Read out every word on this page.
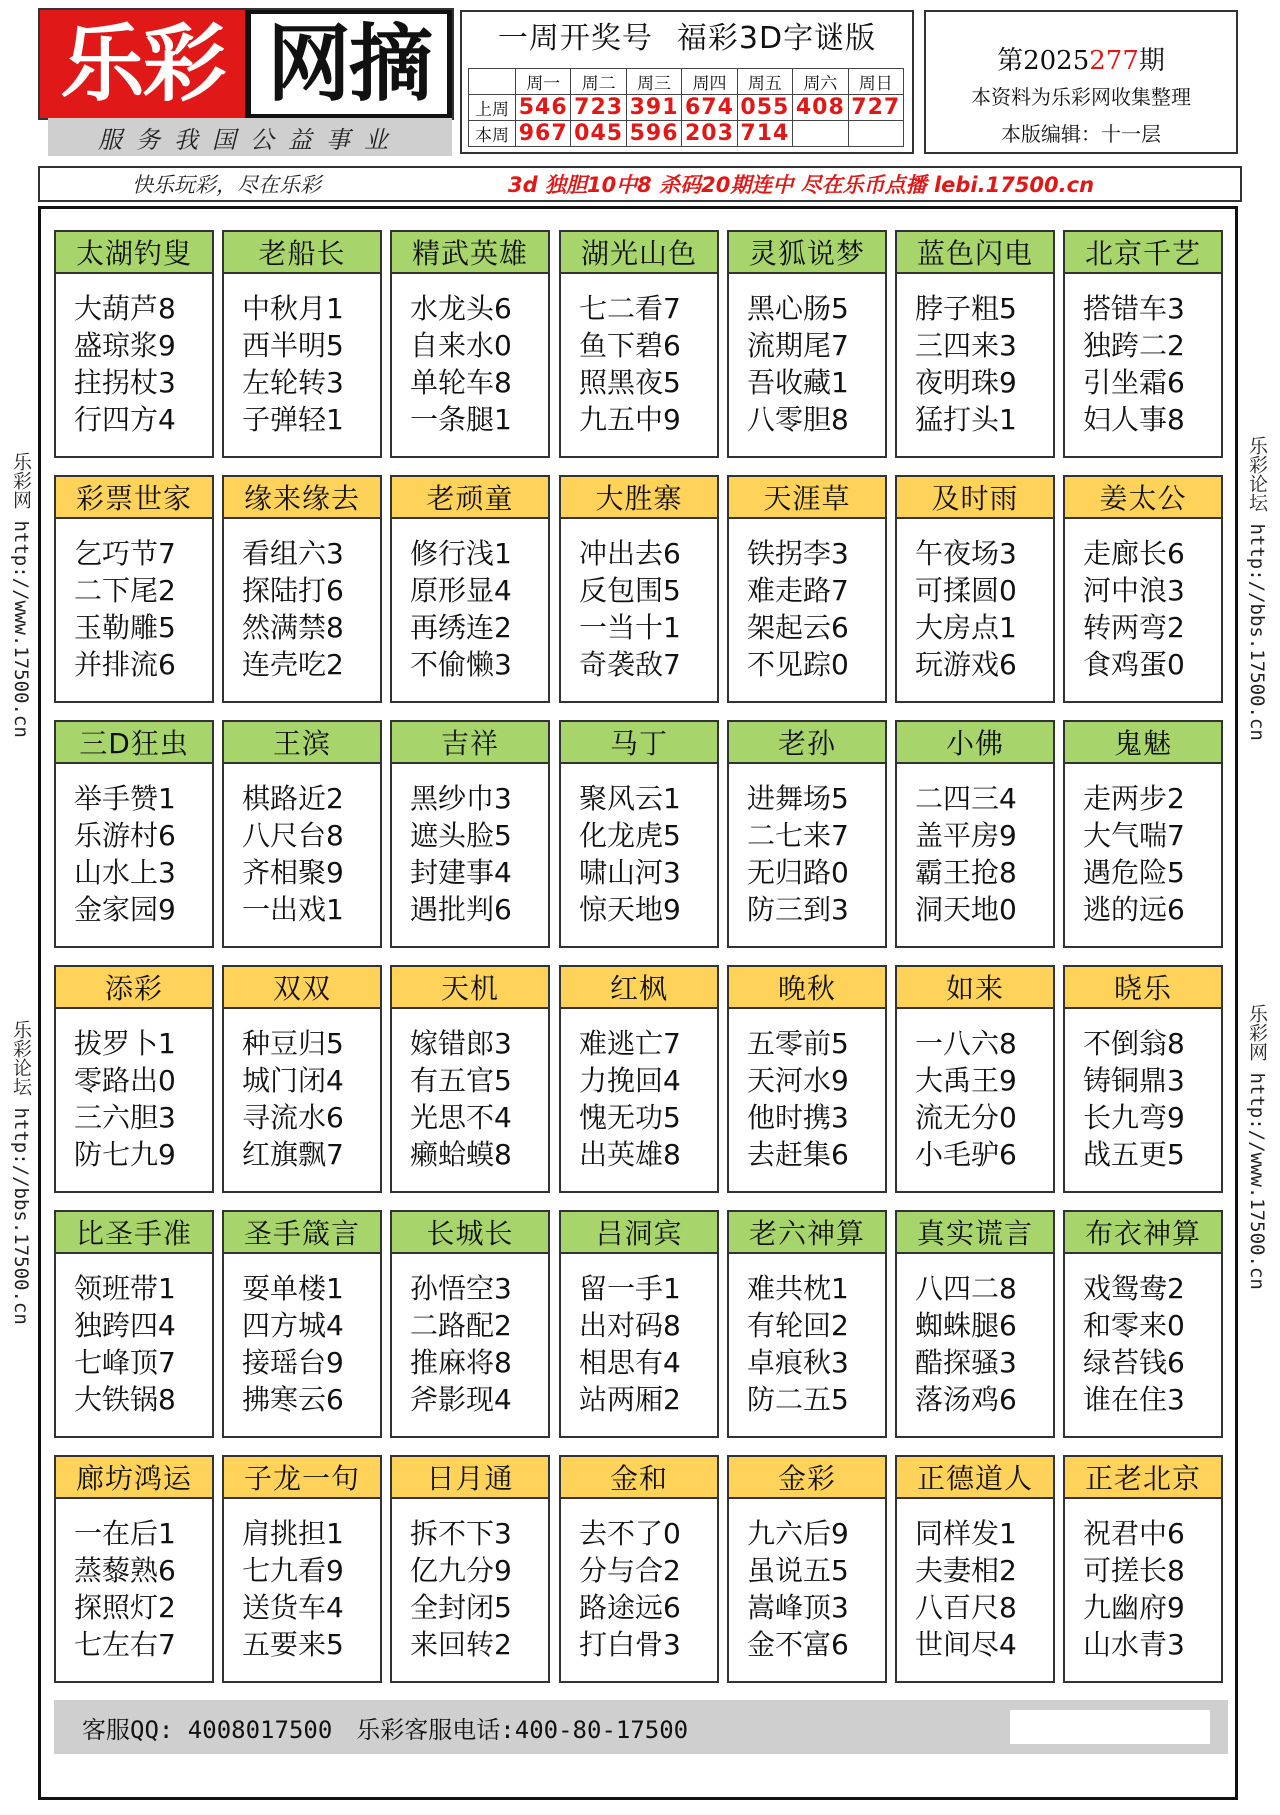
乐彩 网摘
服务我国公益事业
一周开奖号 福彩3D字谜版
	周一	周二	周三	周四	周五	周六	周日
上周	546	723	391	674	055	408	727
本周	967	045	596	203	714		
第2025277期
本资料为乐彩网收集整理
本版编辑：十一层
快乐玩彩，尽在乐彩	3d 独胆10中8 杀码20期连中 尽在乐币点播 lebi.17500.cn
乐彩网 http://www.17500.cn
乐彩论坛 http://bbs.17500.cn
乐彩论坛 http://bbs.17500.cn
乐彩网 http://www.17500.cn
太湖钓叟
大葫芦8
盛琼浆9
拄拐杖3
行四方4
老船长
中秋月1
西半明5
左轮转3
子弹轻1
精武英雄
水龙头6
自来水0
单轮车8
一条腿1
湖光山色
七二看7
鱼下碧6
照黑夜5
九五中9
灵狐说梦
黑心肠5
流期尾7
吾收藏1
八零胆8
蓝色闪电
脖子粗5
三四来3
夜明珠9
猛打头1
北京千艺
搭错车3
独跨二2
引坐霜6
妇人事8
彩票世家
乞巧节7
二下尾2
玉勒雕5
并排流6
缘来缘去
看组六3
探陆打6
然满禁8
连壳吃2
老顽童
修行浅1
原形显4
再绣连2
不偷懒3
大胜寨
冲出去6
反包围5
一当十1
奇袭敌7
天涯草
铁拐李3
难走路7
架起云6
不见踪0
及时雨
午夜场3
可揉圆0
大房点1
玩游戏6
姜太公
走廊长6
河中浪3
转两弯2
食鸡蛋0
三D狂虫
举手赞1
乐游村6
山水上3
金家园9
王滨
棋路近2
八尺台8
齐相聚9
一出戏1
吉祥
黑纱巾3
遮头脸5
封建事4
遇批判6
马丁
聚风云1
化龙虎5
啸山河3
惊天地9
老孙
进舞场5
二七来7
无归路0
防三到3
小佛
二四三4
盖平房9
霸王抢8
洞天地0
鬼魅
走两步2
大气喘7
遇危险5
逃的远6
添彩
拔罗卜1
零路出0
三六胆3
防七九9
双双
种豆归5
城门闭4
寻流水6
红旗飘7
天机
嫁错郎3
有五官5
光思不4
癞蛤蟆8
红枫
难逃亡7
力挽回4
愧无功5
出英雄8
晚秋
五零前5
天河水9
他时携3
去赶集6
如来
一八六8
大禹王9
流无分0
小毛驴6
晓乐
不倒翁8
铸铜鼎3
长九弯9
战五更5
比圣手准
领班带1
独跨四4
七峰顶7
大铁锅8
圣手箴言
耍单楼1
四方城4
接瑶台9
拂寒云6
长城长
孙悟空3
二路配2
推麻将8
斧影现4
吕洞宾
留一手1
出对码8
相思有4
站两厢2
老六神算
难共枕1
有轮回2
卓痕秋3
防二五5
真实谎言
八四二8
蜘蛛腿6
酷探骚3
落汤鸡6
布衣神算
戏鸳鸯2
和零来0
绿苔钱6
谁在住3
廊坊鸿运
一在后1
蒸藜熟6
探照灯2
七左右7
子龙一句
肩挑担1
七九看9
送货车4
五要来5
日月通
拆不下3
亿九分9
全封闭5
来回转2
金和
去不了0
分与合2
路途远6
打白骨3
金彩
九六后9
虽说五5
嵩峰顶3
金不富6
正德道人
同样发1
夫妻相2
八百尺8
世间尽4
正老北京
祝君中6
可搓长8
九幽府9
山水青3
客服QQ: 4008017500 乐彩客服电话:400-80-17500
